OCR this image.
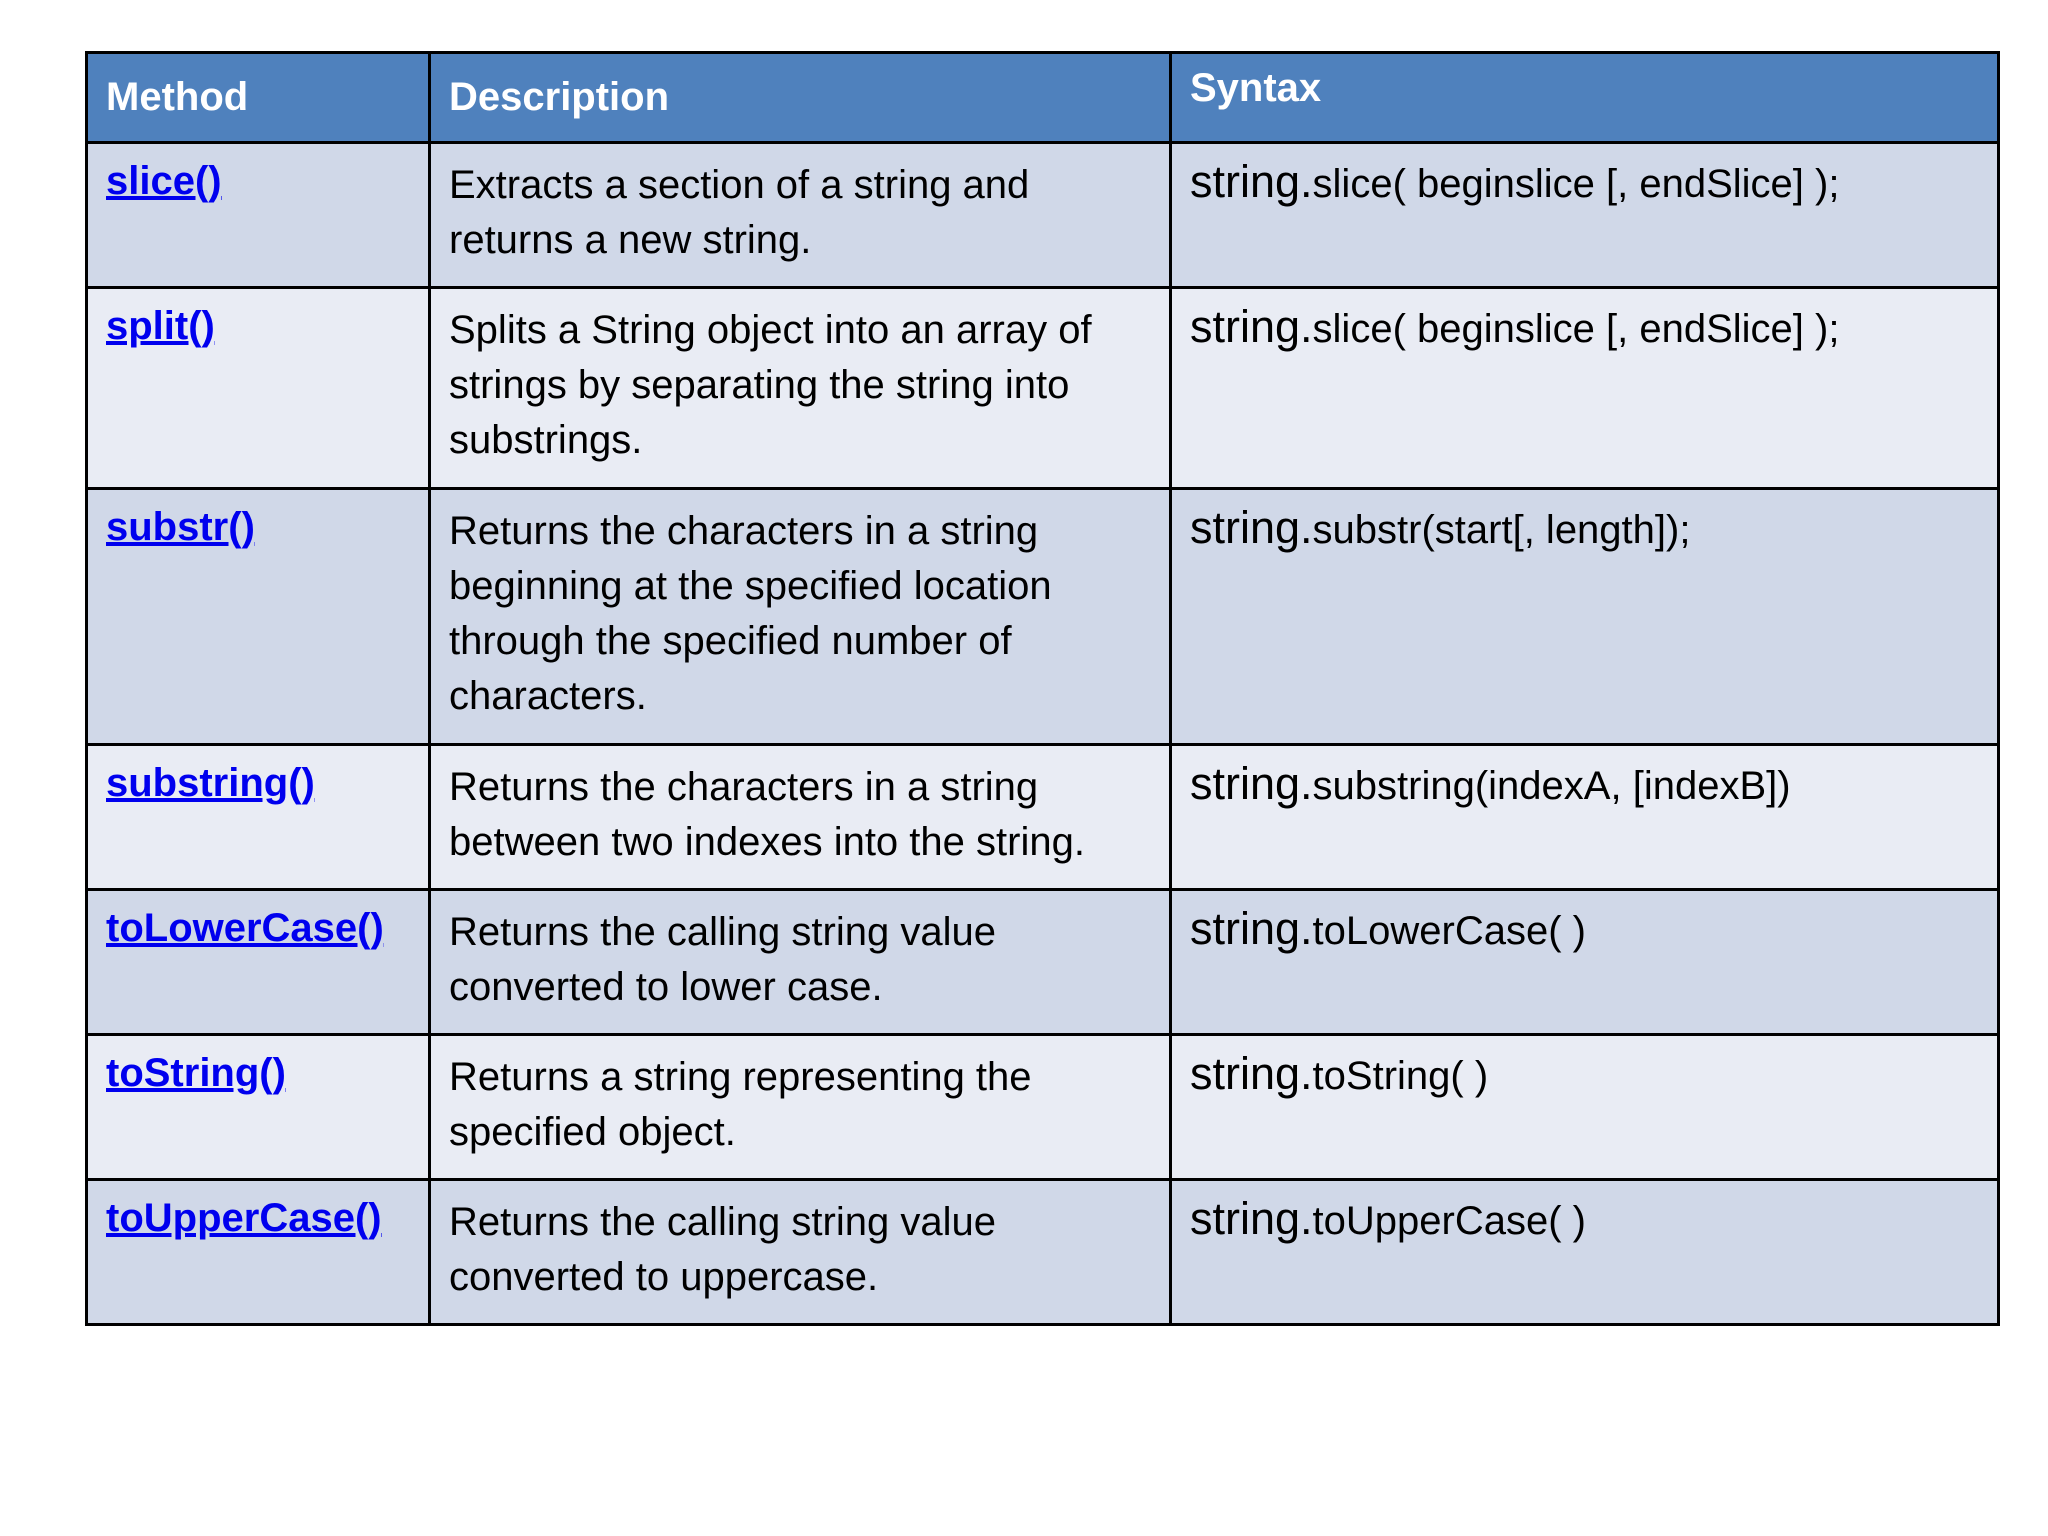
Method	Description	Syntax
slice()	Extracts a section of a string and returns a new string.	string.slice( beginslice [, endSlice] );

split()	Splits a String object into an array of strings by separating the string into substrings.	string.slice( beginslice [, endSlice] );

substr()	Returns the characters in a string beginning at the specified location through the specified number of characters.	string.substr(start[, length]);

substring()	Returns the characters in a string between two indexes into the string.	string.substring(indexA, [indexB])

toLowerCase()	Returns the calling string value converted to lower case.	string.toLowerCase( )

toString()	Returns a string representing the specified object.	string.toString( )

toUpperCase()	Returns the calling string value converted to uppercase.	string.toUpperCase( )
